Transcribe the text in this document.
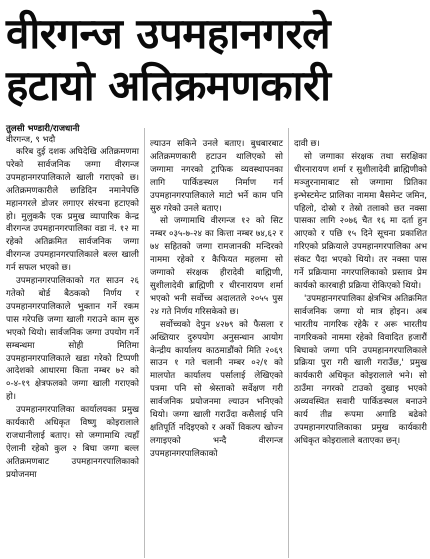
वीरगन्ज उपमहानगरले
हटायो अतिक्रमणकारी
तुलसी भण्डारी/राजधानी
वीरगन्ज, ९ भदौ

करिब दुई दशक अघिदेखि अतिक्रमणमा परेको सार्वजनिक जग्गा वीरगन्ज उपमहानगरपालिकाले खाली गराएको छ। अतिक्रमणकारीले छाडिदिन नमानेपछि महानगरले डोजर लगाएर संरचना हटाएको हो। मुलुककै एक प्रमुख व्यापारिक केन्द्र वीरगन्ज उपमहानगरपालिका वडा नं. १२ मा रहेको अतिक्रमित सार्वजनिक जग्गा वीरगन्ज उपमहानगरपालिकाले बल्ल खाली गर्न सफल भएको छ।

उपमहानगरपालिकाको गत साउन २६ गतेको बोर्ड बैठकको निर्णय र उपमहानगरपालिकाले भुक्तान गर्ने रकम पास गरेपछि जग्गा खाली गराउने काम सुरु भएको थियो। सार्वजनिक जग्गा उपयोग गर्ने सम्बन्धमा सोही मितिमा उपमहानगरपालिकाले खडा गरेको टिप्पणी आदेशको आधारमा किता नम्बर ७२ को ०-४-१९ क्षेत्रफलको जग्गा खाली गराएको हो।

उपमहानगरपालिका कार्यालयका प्रमुख कार्यकारी अधिकृत विष्णु कोइरालाले राजधानीलाई बताए। सो जग्गामाथि त्यहाँ ऐलानी रहेको कुल २ बिघा जग्गा बल्ल अतिक्रमणबाट उपमहानगरपालिकाको प्रयोजनमा

ल्याउन सकिने उनले बताए। बुधबारबाट अतिक्रमणकारी हटाउन थालिएको सो जग्गामा नगरको ट्राफिक व्यवस्थापनका लागि पार्किङस्थल निर्माण गर्न उपमहानगरपालिकाले माटो भर्ने काम पनि सुरु गरेको उनले बताए।

सो जग्गामाथि वीरगन्ज १२ को सिट नम्बर ०३५-७-२४ का कित्ता नम्बर ७४,६२ र ७४ सहितको जग्गा रामजानकी मन्दिरको नाममा रहेको र कैफियत महलमा सो जग्गाको संरक्षक हीरादेवी बाह्मिणी, सुशीलादेवी ब्राह्मिणी र धीरनारायण शर्मा भएको भनी सर्वोच्च अदालतले २०५५ पुस २४ गते निर्णय गरिसकेको छ।

सर्वोच्चको देपुन ४२७९ को फैसला र अख्तियार दुरुपयोग अनुसन्धान आयोग केन्द्रीय कार्यालय काठमाडौंको मिति २०६९ साउन १ गते चलानी नम्बर ०२/१ को मालपोत कार्यालय पर्सालाई लेखिएको पत्रमा पनि सो श्रेस्ताको सर्वेक्षण गरी सार्वजनिक प्रयोजनमा ल्याउन भनिएको थियो। जग्गा खाली गराउँदा कसैलाई पनि क्षतिपूर्ति नदिइएको र अर्को विकल्प खोज्न लगाइएको भन्दै वीरगन्ज उपमहानगरपालिकाको

दावी छ।

सो जग्गाका संरक्षक तथा सरक्षिका धीरनारायण शर्मा र सुशीलादेवी ब्राह्मिणीको मञ्जुरनामाबाट सो जग्गामा प्रितिका इन्भेस्टमेन्ट प्रालिका नाममा बैसमेन्ट जमिन, पहिलो, दोस्रो र तेस्रो तलाको छत नक्सा पासका लागि २०७६ चैत १६ मा दर्ता हुन आएको र पछि १५ दिने सूचना प्रकाशित गरिएको प्रक्रियाले उपमहानगरपालिका अभ संकट पैदा भएको थियो। तर नक्सा पास गर्ने प्रक्रियामा नगरपालिकाको प्रस्ताव प्रेम कार्यको कारबाही प्रक्रिया रोकिएको थियो।

'उपमहानगरपालिका क्षेत्रभित्र अतिक्रमित सार्वजनिक जग्गा यो मात्र होइन। अब भारतीय नागरिक रहेकै र अरू भारतीय नागरिकको नाममा रहेको विवादित हजारौं बिघाको जग्गा पनि उपमहानगरपालिकाले प्रक्रिया पुरा गरी खाली गराउँछ,' प्रमुख कार्यकारी अधिकृत कोइरालाले भने। सो ठाउँमा नगरको टाउको दुखाइ भएको अव्यवस्थित सवारी पार्किङस्थल बनाउने कार्य तीव्र रूपमा अगाडि बढेको उपमहानगरपालिकाका प्रमुख कार्यकारी अधिकृत कोइरालाले बताएका छन्।
